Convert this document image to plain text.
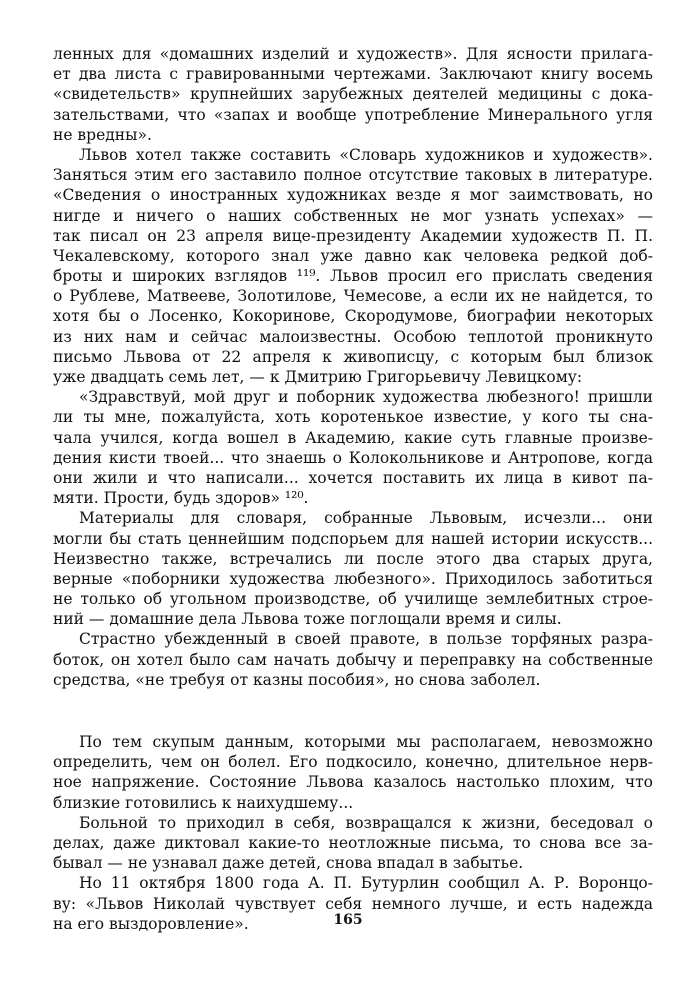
ленных для «домашних изделий и художеств». Для ясности прилага-
ет два листа с гравированными чертежами. Заключают книгу восемь
«свидетельств» крупнейших зарубежных деятелей медицины с дока-
зательствами, что «запах и вообще употребление Минерального угля
не вредны».
Львов хотел также составить «Словарь художников и художеств».
Заняться этим его заставило полное отсутствие таковых в литературе.
«Сведения о иностранных художниках везде я мог заимствовать, но
нигде и ничего о наших собственных не мог узнать успехах» —
так писал он 23 апреля вице-президенту Академии художеств П. П.
Чекалевскому, которого знал уже давно как человека редкой доб-
броты и широких взглядов ¹¹⁹. Львов просил его прислать сведения
о Рублеве, Матвееве, Золотилове, Чемесове, а если их не найдется, то
хотя бы о Лосенко, Кокоринове, Скородумове, биографии некоторых
из них нам и сейчас малоизвестны. Особою теплотой проникнуто
письмо Львова от 22 апреля к живописцу, с которым был близок
уже двадцать семь лет, — к Дмитрию Григорьевичу Левицкому:
«Здравствуй, мой друг и поборник художества любезного! пришли
ли ты мне, пожалуйста, хоть коротенькое известие, у кого ты сна-
чала учился, когда вошел в Академию, какие суть главные произве-
дения кисти твоей... что знаешь о Колокольникове и Антропове, когда
они жили и что написали... хочется поставить их лица в кивот па-
мяти. Прости, будь здоров» ¹²⁰.
Материалы для словаря, собранные Львовым, исчезли... они
могли бы стать ценнейшим подспорьем для нашей истории искусств...
Неизвестно также, встречались ли после этого два старых друга,
верные «поборники художества любезного». Приходилось заботиться
не только об угольном производстве, об училище землебитных строе-
ний — домашние дела Львова тоже поглощали время и силы.
Страстно убежденный в своей правоте, в пользе торфяных разра-
боток, он хотел было сам начать добычу и переправку на собственные
средства, «не требуя от казны пособия», но снова заболел.
По тем скупым данным, которыми мы располагаем, невозможно
определить, чем он болел. Его подкосило, конечно, длительное нерв-
ное напряжение. Состояние Львова казалось настолько плохим, что
близкие готовились к наихудшему...
Больной то приходил в себя, возвращался к жизни, беседовал о
делах, даже диктовал какие-то неотложные письма, то снова все за-
бывал — не узнавал даже детей, снова впадал в забытье.
Но 11 октября 1800 года А. П. Бутурлин сообщил А. Р. Воронцо-
ву: «Львов Николай чувствует себя немного лучше, и есть надежда
на его выздоровление».	165
